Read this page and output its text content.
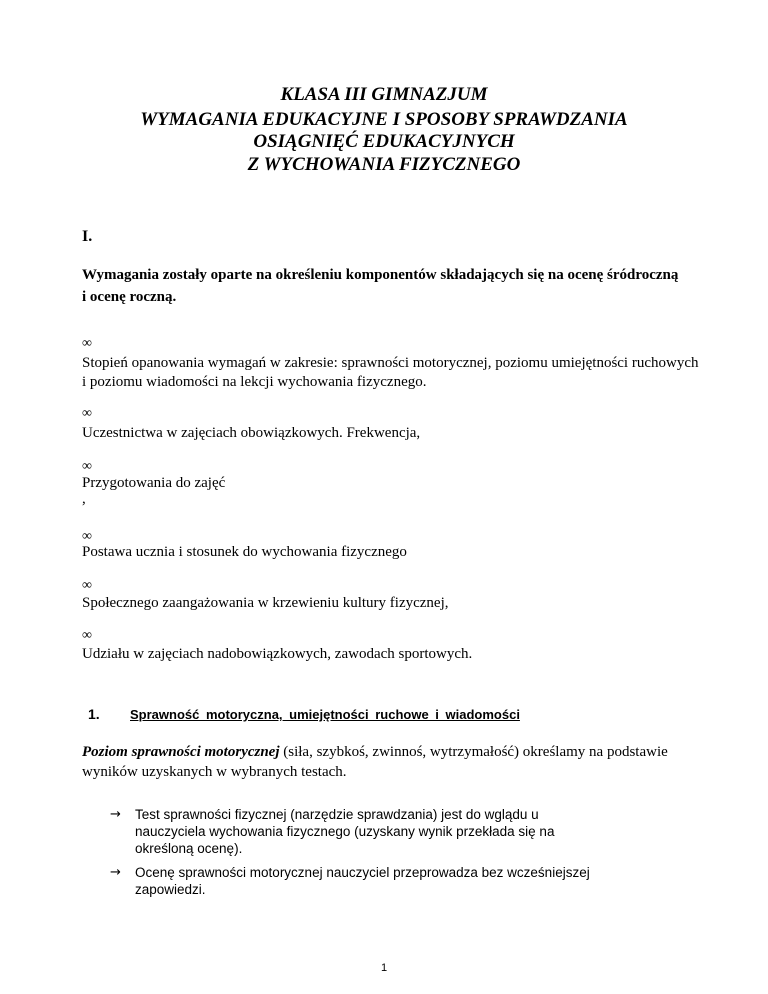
KLASA III GIMNAZJUM
WYMAGANIA EDUKACYJNE I SPOSOBY SPRAWDZANIA
OSIĄGNIĘĆ EDUKACYJNYCH
Z WYCHOWANIA FIZYCZNEGO
I.
Wymagania zostały oparte na określeniu komponentów składających się na ocenę śródroczną i ocenę roczną.
∞
Stopień opanowania wymagań w zakresie: sprawności motorycznej, poziomu umiejętności ruchowych i poziomu wiadomości na lekcji wychowania fizycznego.
∞
Uczestnictwa w zajęciach obowiązkowych. Frekwencja,
∞
Przygotowania do zajęć
,
∞
Postawa ucznia i stosunek do wychowania fizycznego
∞
Społecznego zaangażowania w krzewieniu kultury fizycznej,
∞
Udziału w zajęciach nadobowiązkowych, zawodach sportowych.
1. Sprawność motoryczna, umiejętności ruchowe i wiadomości
Poziom sprawności motorycznej (siła, szybkoś, zwinnoś, wytrzymałość) określamy na podstawie wyników uzyskanych w wybranych testach.
→	Test sprawności fizycznej (narzędzie sprawdzania) jest do wglądu u nauczyciela wychowania fizycznego (uzyskany wynik przekłada się na określoną ocenę).
→	Ocenę sprawności motorycznej nauczyciel przeprowadza bez wcześniejszej zapowiedzi.
1
